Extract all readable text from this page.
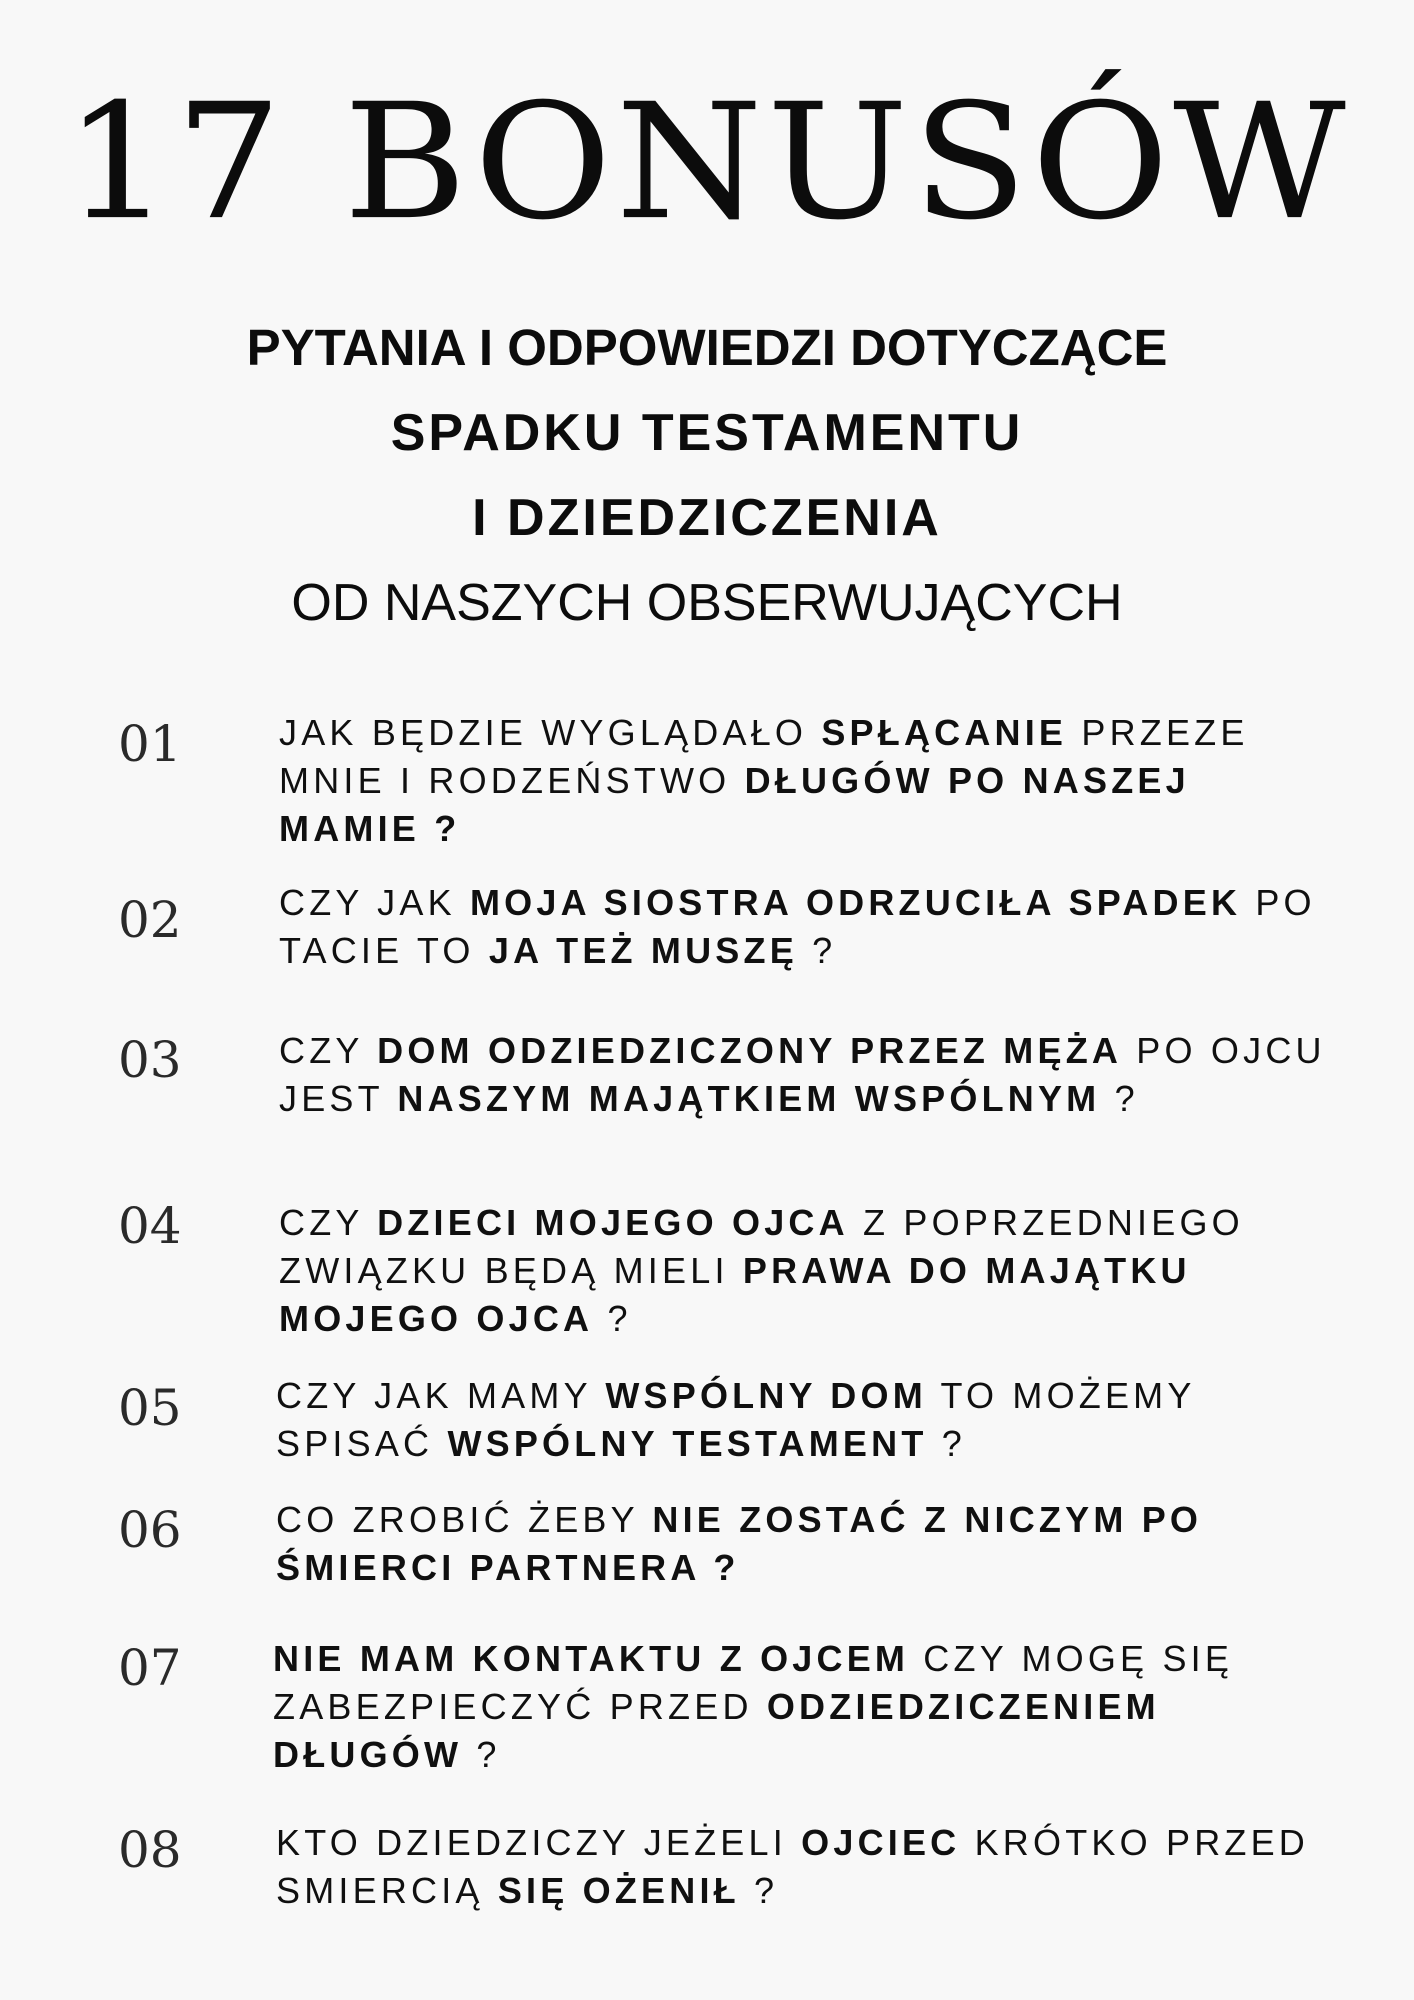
17 BONUSÓW

PYTANIA I ODPOWIEDZI DOTYCZĄCE

SPADKU TESTAMENTU

I DZIEDZICZENIA

OD NASZYCH OBSERWUJĄCYCH

01	JAK BĘDZIE WYGLĄDAŁO SPŁĄCANIE PRZEZE MNIE I RODZEŃSTWO DŁUGÓW PO NASZEJ MAMIE ?
02	CZY JAK MOJA SIOSTRA ODRZUCIŁA SPADEK PO TACIE TO JA TEŻ MUSZĘ ?
03	CZY DOM ODZIEDZICZONY PRZEZ MĘŻA PO OJCU JEST NASZYM MAJĄTKIEM WSPÓLNYM ?
04	CZY DZIECI MOJEGO OJCA Z POPRZEDNIEGO ZWIĄZKU BĘDĄ MIELI PRAWA DO MAJĄTKU MOJEGO OJCA ?
05	CZY JAK MAMY WSPÓLNY DOM TO MOŻEMY SPISAĆ WSPÓLNY TESTAMENT ?
06	CO ZROBIĆ ŻEBY NIE ZOSTAĆ Z NICZYM PO ŚMIERCI PARTNERA ?
07	NIE MAM KONTAKTU Z OJCEM CZY MOGĘ SIĘ ZABEZPIECZYĆ PRZED ODZIEDZICZENIEM DŁUGÓW ?
08	KTO DZIEDZICZY JEŻELI OJCIEC KRÓTKO PRZED SMIERCIĄ SIĘ OŻENIŁ ?
